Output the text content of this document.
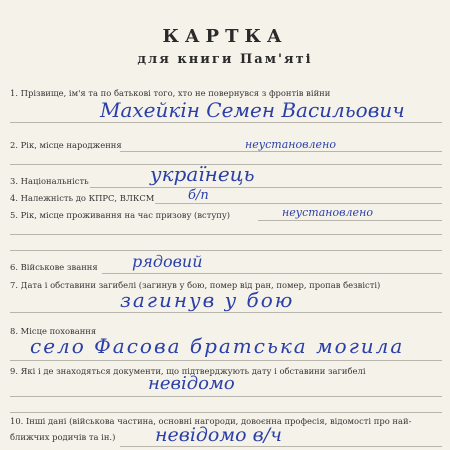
КАРТКА
для книги Пам'яті
1. Прізвище, ім'я та по батькові того, хто не повернувся з фронтів війни
Махейкін Семен Васильович
2. Рік, місце народження	неустановлено
3. Національність	українець
4. Належність до КПРС, ВЛКСМ	б/п
5. Рік, місце проживання на час призову (вступу)	неустановлено
6. Військове звання рядовий
7. Дата і обставини загибелі (загинув у бою, помер від ран, помер, пропав безвісті)
загинув у бою
8. Місце поховання
село Фасова братська могила
9. Які і де знаходяться документи, що підтверджують дату і обставини загибелі
невідомо
10. Інші дані (військова частина, основні нагороди, довоєнна професія, відомості про най-
ближчих родичів та ін.) невідомо в/ч
